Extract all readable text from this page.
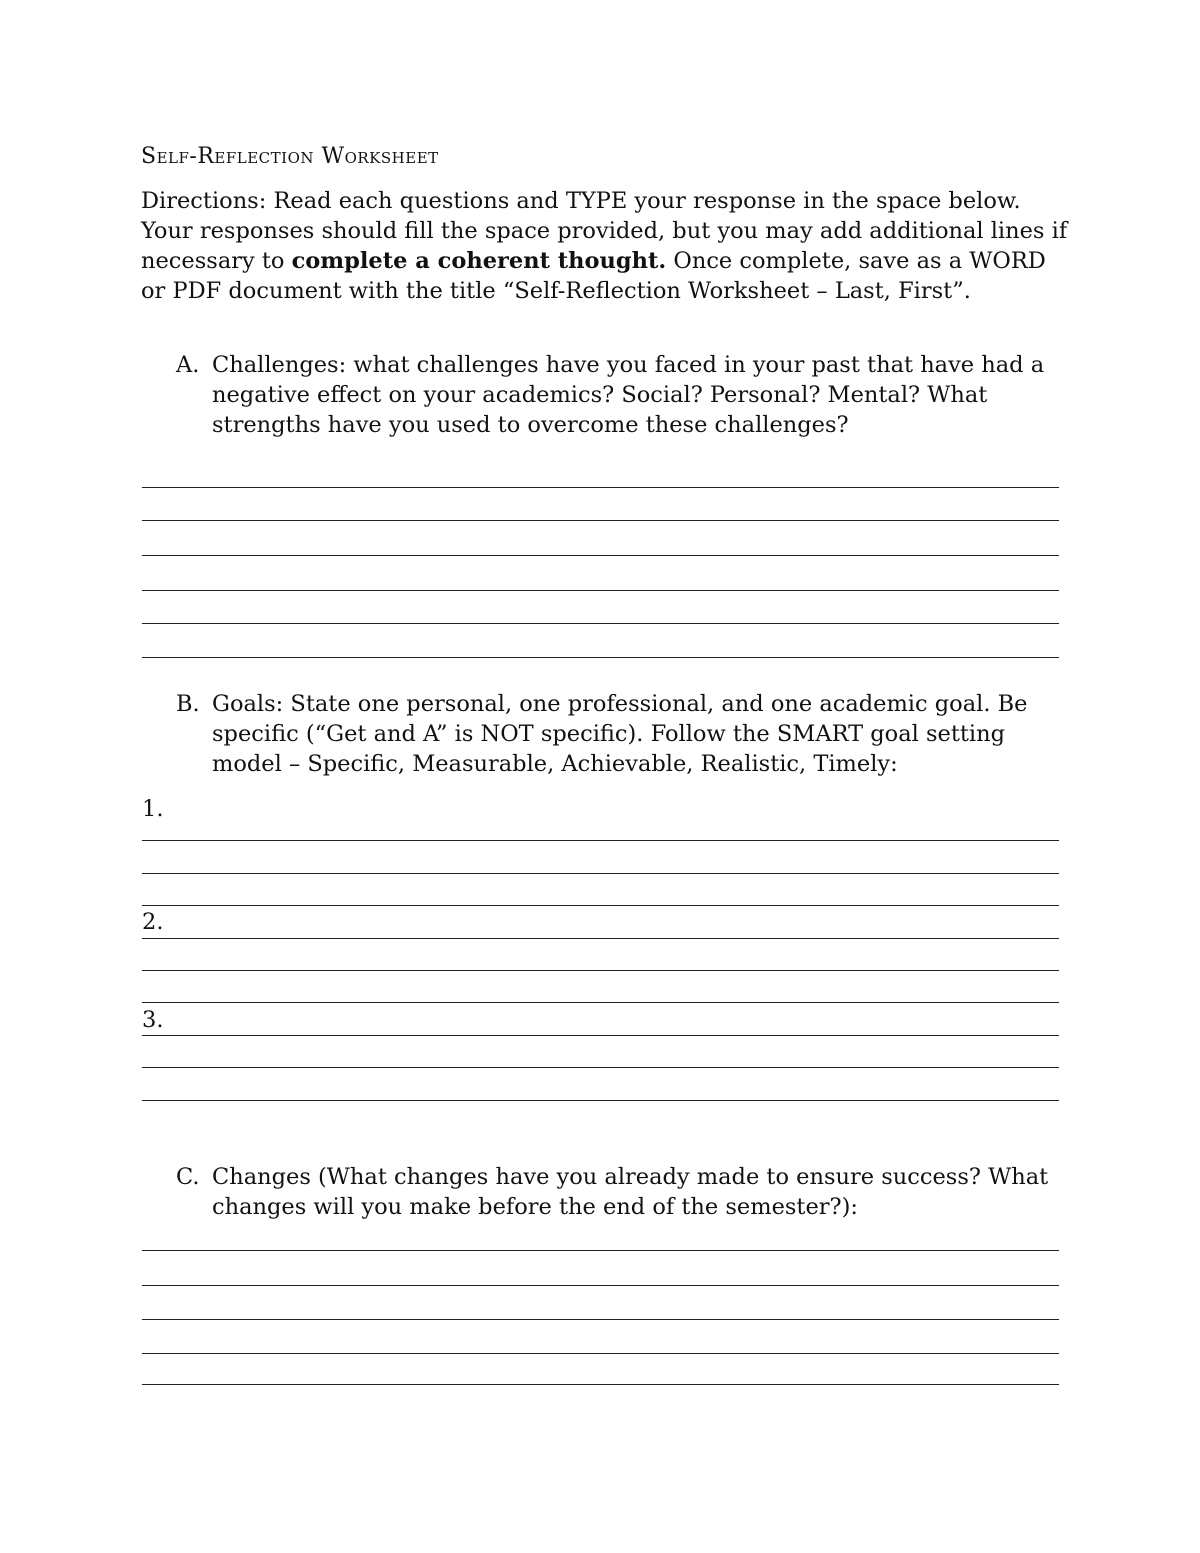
Self-Reflection Worksheet

Directions: Read each questions and TYPE your response in the space below. Your responses should fill the space provided, but you may add additional lines if necessary to complete a coherent thought. Once complete, save as a WORD or PDF document with the title “Self-Reflection Worksheet – Last, First”.

A. Challenges: what challenges have you faced in your past that have had a negative effect on your academics? Social? Personal? Mental? What strengths have you used to overcome these challenges?
B. Goals: State one personal, one professional, and one academic goal. Be specific (“Get and A” is NOT specific). Follow the SMART goal setting model – Specific, Measurable, Achievable, Realistic, Timely:
1.
2.
3.
C. Changes (What changes have you already made to ensure success? What changes will you make before the end of the semester?):
